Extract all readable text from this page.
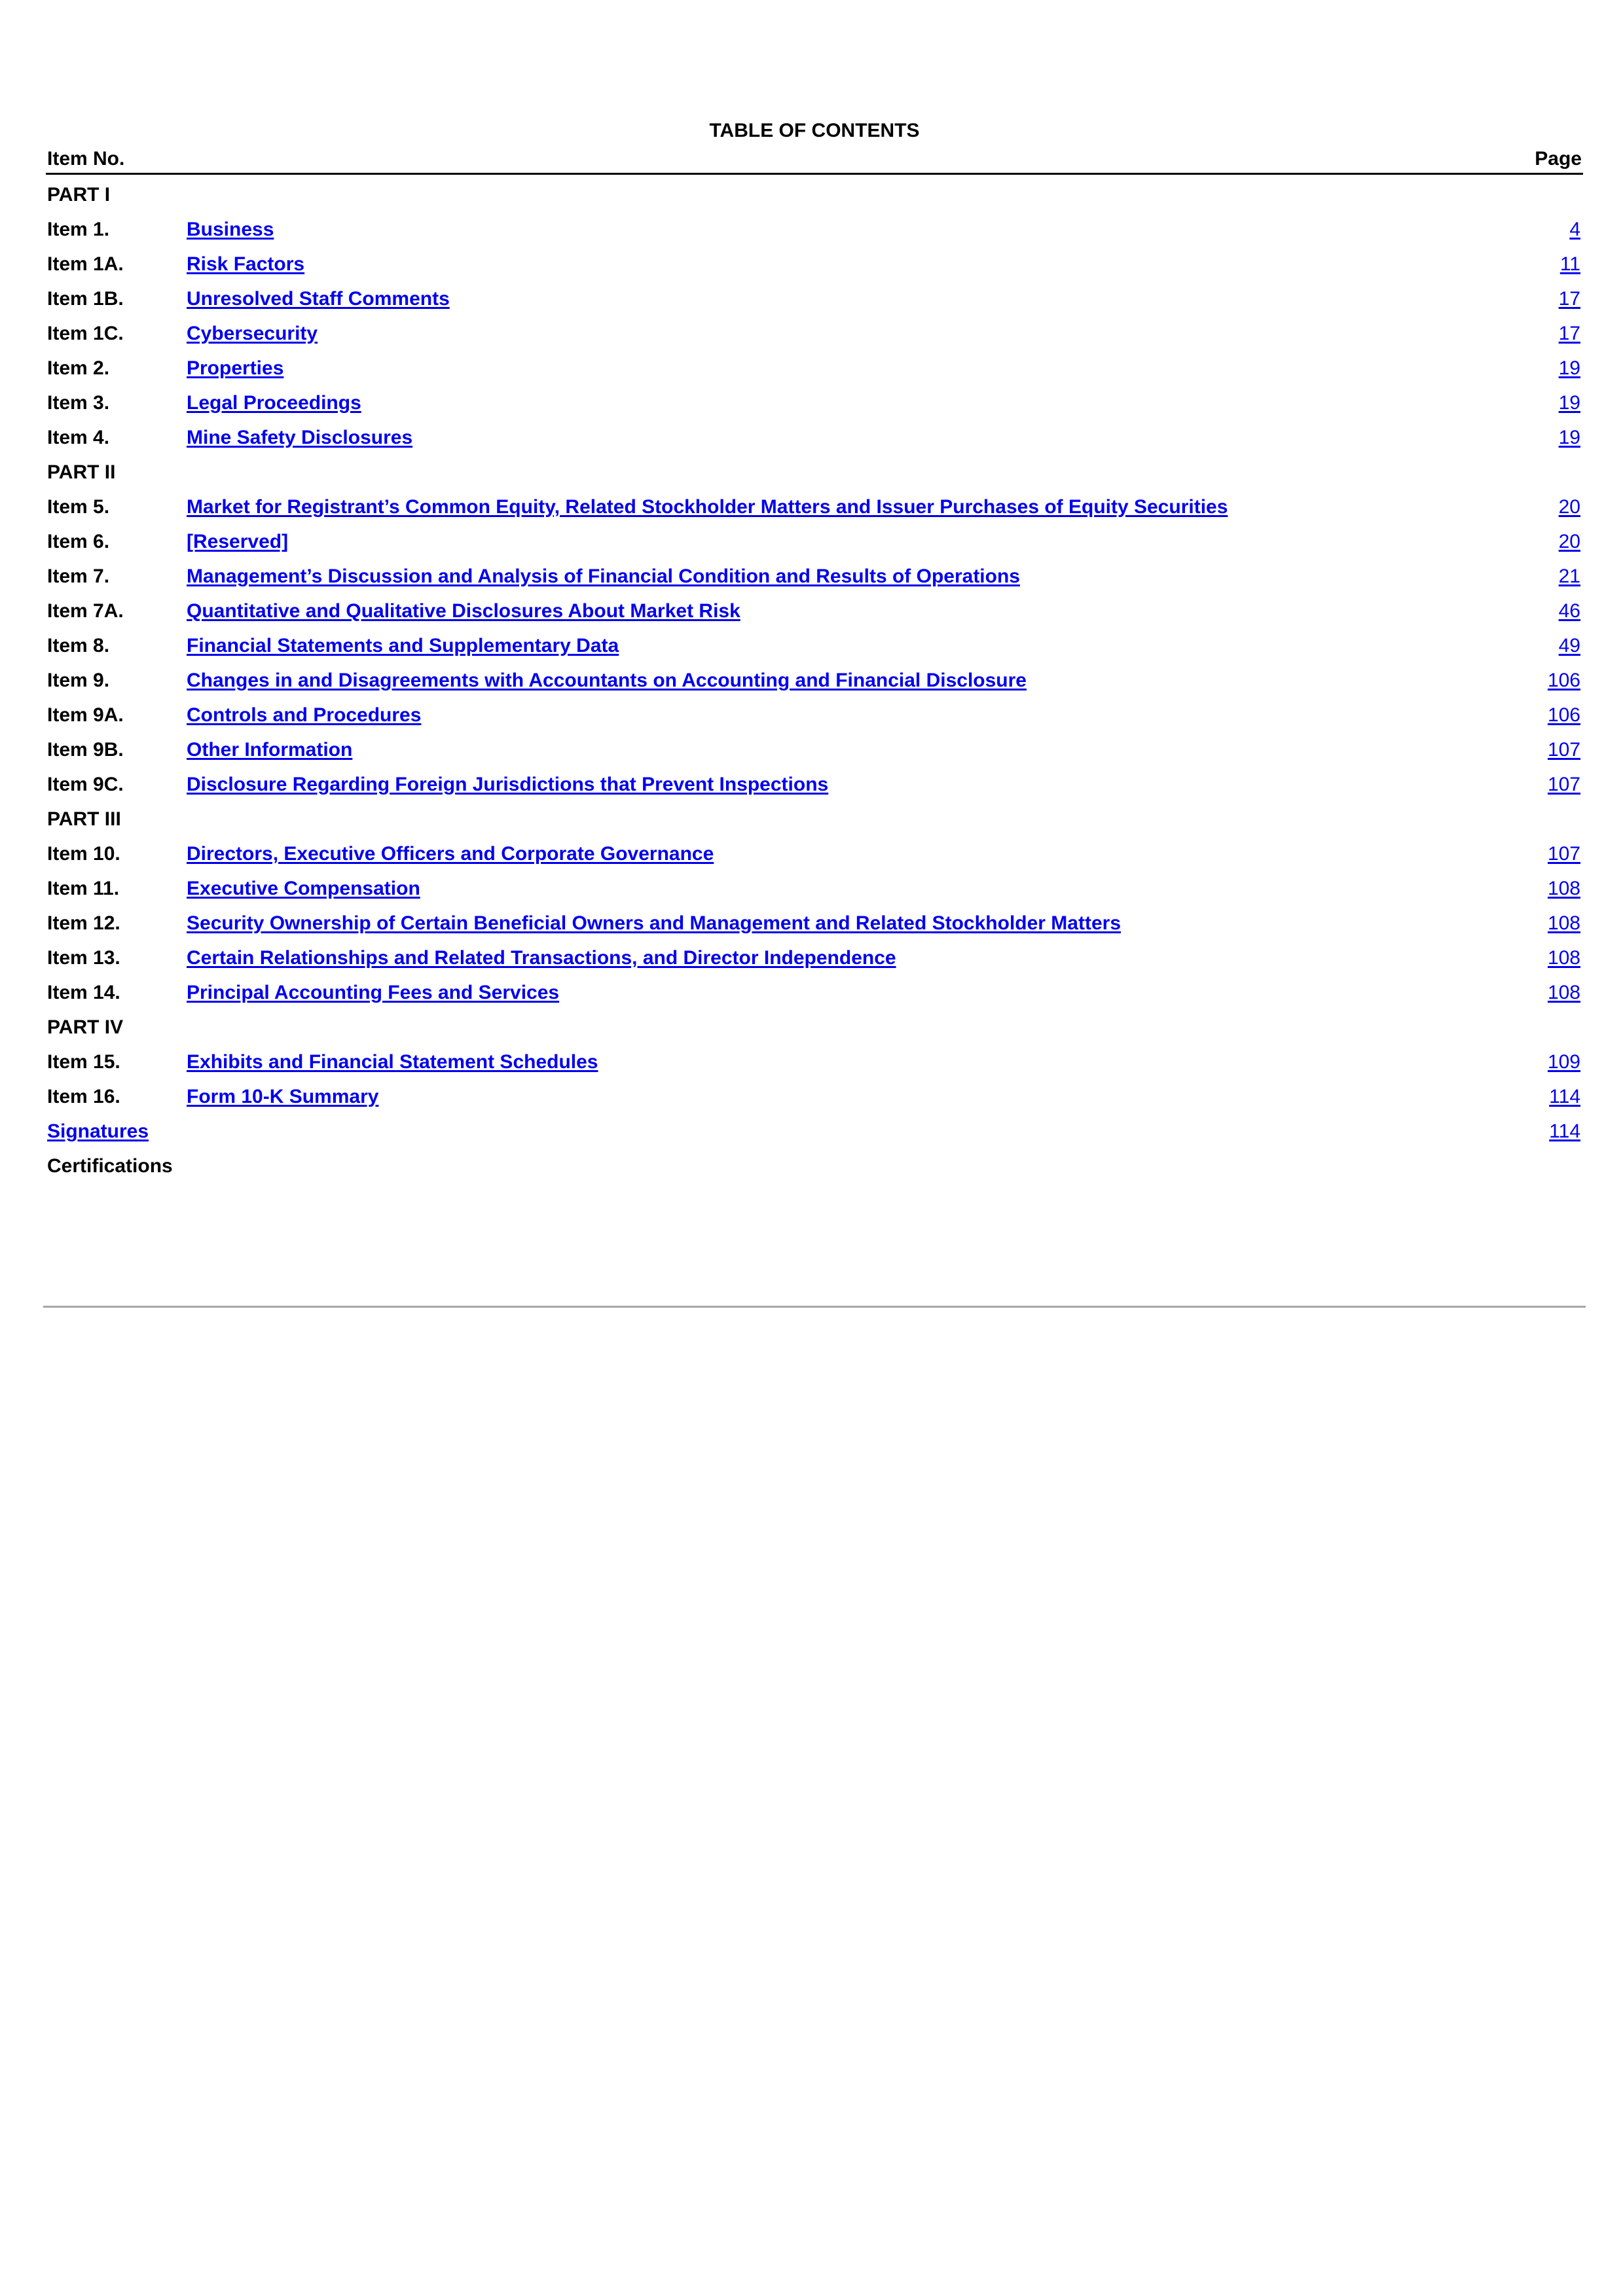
TABLE OF CONTENTS
Item No.	Page
PART I
Item 1.	Business	4
Item 1A.	Risk Factors	11
Item 1B.	Unresolved Staff Comments	17
Item 1C.	Cybersecurity	17
Item 2.	Properties	19
Item 3.	Legal Proceedings	19
Item 4.	Mine Safety Disclosures	19
PART II
Item 5.	Market for Registrant’s Common Equity, Related Stockholder Matters and Issuer Purchases of Equity Securities	20
Item 6.	[Reserved]	20
Item 7.	Management’s Discussion and Analysis of Financial Condition and Results of Operations	21
Item 7A.	Quantitative and Qualitative Disclosures About Market Risk	46
Item 8.	Financial Statements and Supplementary Data	49
Item 9.	Changes in and Disagreements with Accountants on Accounting and Financial Disclosure	106
Item 9A.	Controls and Procedures	106
Item 9B.	Other Information	107
Item 9C.	Disclosure Regarding Foreign Jurisdictions that Prevent Inspections	107
PART III
Item 10.	Directors, Executive Officers and Corporate Governance	107
Item 11.	Executive Compensation	108
Item 12.	Security Ownership of Certain Beneficial Owners and Management and Related Stockholder Matters	108
Item 13.	Certain Relationships and Related Transactions, and Director Independence	108
Item 14.	Principal Accounting Fees and Services	108
PART IV
Item 15.	Exhibits and Financial Statement Schedules	109
Item 16.	Form 10-K Summary	114
Signatures	114
Certifications
